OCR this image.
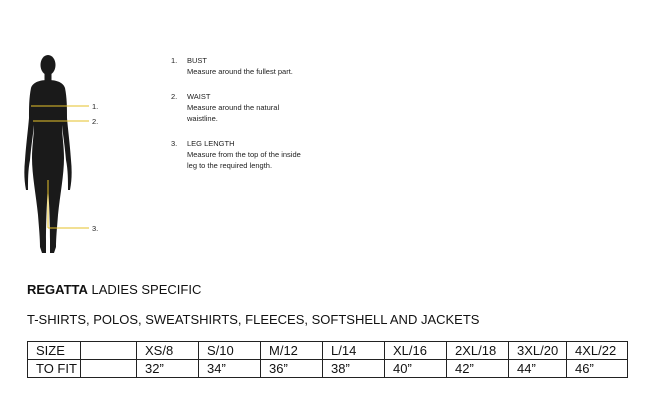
1.
2.
3.
1. BUST
Measure around the fullest part.
2. WAIST
Measure around the natural waistline.
3. LEG LENGTH
Measure from the top of the inside leg to the required length.
REGATTA LADIES SPECIFIC
T-SHIRTS, POLOS, SWEATSHIRTS, FLEECES, SOFTSHELL AND JACKETS
SIZE		XS/8	S/10	M/12	L/14	XL/16	2XL/18	3XL/20	4XL/22
TO FIT		32”	34”	36”	38”	40”	42”	44”	46”
